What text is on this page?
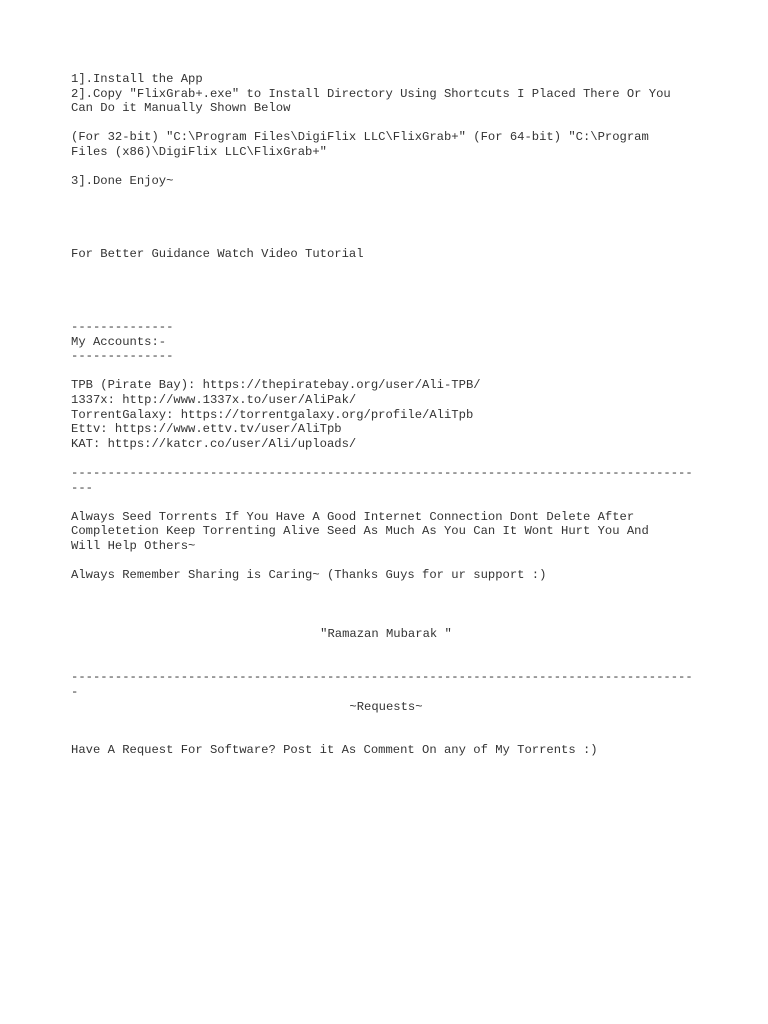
1].Install the App
2].Copy "FlixGrab+.exe" to Install Directory Using Shortcuts I Placed There Or You
Can Do it Manually Shown Below
(For 32-bit) "C:\Program Files\DigiFlix LLC\FlixGrab+" (For 64-bit) "C:\Program
Files (x86)\DigiFlix LLC\FlixGrab+"
3].Done Enjoy~
For Better Guidance Watch Video Tutorial
--------------
My Accounts:-
--------------
TPB (Pirate Bay): https://thepiratebay.org/user/Ali-TPB/
1337x: http://www.1337x.to/user/AliPak/
TorrentGalaxy: https://torrentgalaxy.org/profile/AliTpb
Ettv: https://www.ettv.tv/user/AliTpb
KAT: https://katcr.co/user/Ali/uploads/
-------------------------------------------------------------------------------------
---
Always Seed Torrents If You Have A Good Internet Connection Dont Delete After
Completetion Keep Torrenting Alive Seed As Much As You Can It Wont Hurt You And
Will Help Others~
Always Remember Sharing is Caring~ (Thanks Guys for ur support :)
"Ramazan Mubarak "
-------------------------------------------------------------------------------------
-
~Requests~
Have A Request For Software? Post it As Comment On any of My Torrents :)
